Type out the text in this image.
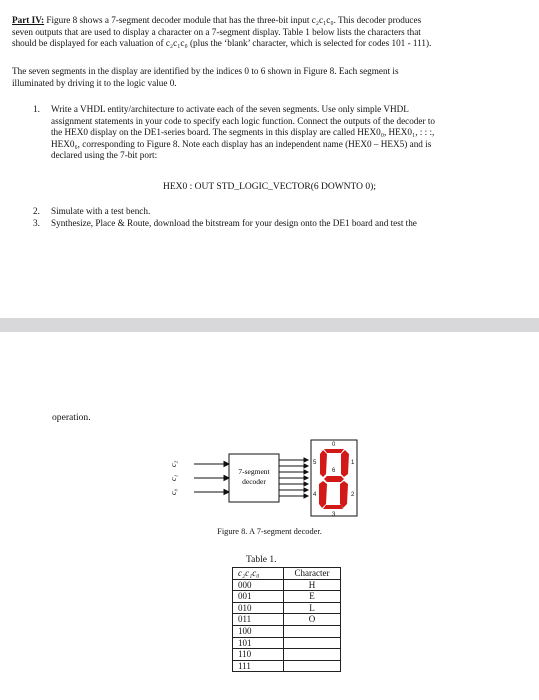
Part IV: Figure 8 shows a 7-segment decoder module that has the three-bit input c₂c₁c₀. This decoder produces
seven outputs that are used to display a character on a 7-segment display. Table 1 below lists the characters that
should be displayed for each valuation of c₂c₁c₀ (plus the ‘blank’ character, which is selected for codes 101 - 111).

The seven segments in the display are identified by the indices 0 to 6 shown in Figure 8. Each segment is
illuminated by driving it to the logic value 0.

1. Write a VHDL entity/architecture to activate each of the seven segments. Use only simple VHDL
assignment statements in your code to specify each logic function. Connect the outputs of the decoder to
the HEX0 display on the DE1-series board. The segments in this display are called HEX0₀, HEX0₁, : : :,
HEX0₆, corresponding to Figure 8. Note each display has an independent name (HEX0 – HEX5) and is
declared using the 7-bit port:
HEX0 : OUT STD_LOGIC_VECTOR(6 DOWNTO 0);
2. Simulate with a test bench.
3. Synthesize, Place & Route, download the bitstream for your design onto the DE1 board and test the
operation.
c₂
c₁
c₀
7-segment
decoder
0
1
2
3
4
5
6
Figure 8. A 7-segment decoder.
Table 1.
c₂c₁c₀	Character
000	H
001	E
010	L
011	O
100	
101	
110	
111	
